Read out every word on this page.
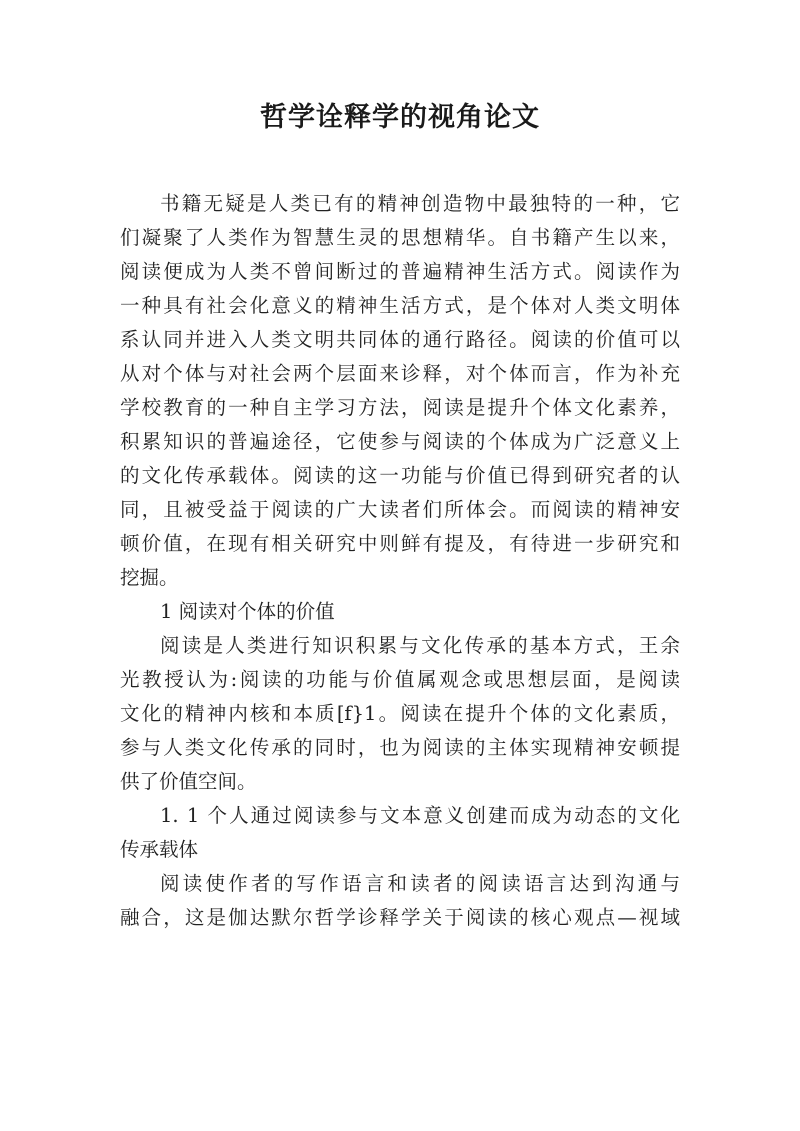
哲学诠释学的视角论文
书籍无疑是人类已有的精神创造物中最独特的一种，它
们凝聚了人类作为智慧生灵的思想精华。自书籍产生以来，
阅读便成为人类不曾间断过的普遍精神生活方式。阅读作为
一种具有社会化意义的精神生活方式，是个体对人类文明体
系认同并进入人类文明共同体的通行路径。阅读的价值可以
从对个体与对社会两个层面来诊释，对个体而言，作为补充
学校教育的一种自主学习方法，阅读是提升个体文化素养，
积累知识的普遍途径，它使参与阅读的个体成为广泛意义上
的文化传承载体。阅读的这一功能与价值已得到研究者的认
同，且被受益于阅读的广大读者们所体会。而阅读的精神安
顿价值，在现有相关研究中则鲜有提及，有待进一步研究和
挖掘。
1 阅读对个体的价值
阅读是人类进行知识积累与文化传承的基本方式，王余
光教授认为:阅读的功能与价值属观念或思想层面，是阅读
文化的精神内核和本质[f}1。阅读在提升个体的文化素质，
参与人类文化传承的同时，也为阅读的主体实现精神安顿提
供了价值空间。
1. 1 个人通过阅读参与文本意义创建而成为动态的文化
传承载体
阅读使作者的写作语言和读者的阅读语言达到沟通与
融合，这是伽达默尔哲学诊释学关于阅读的核心观点—视域
